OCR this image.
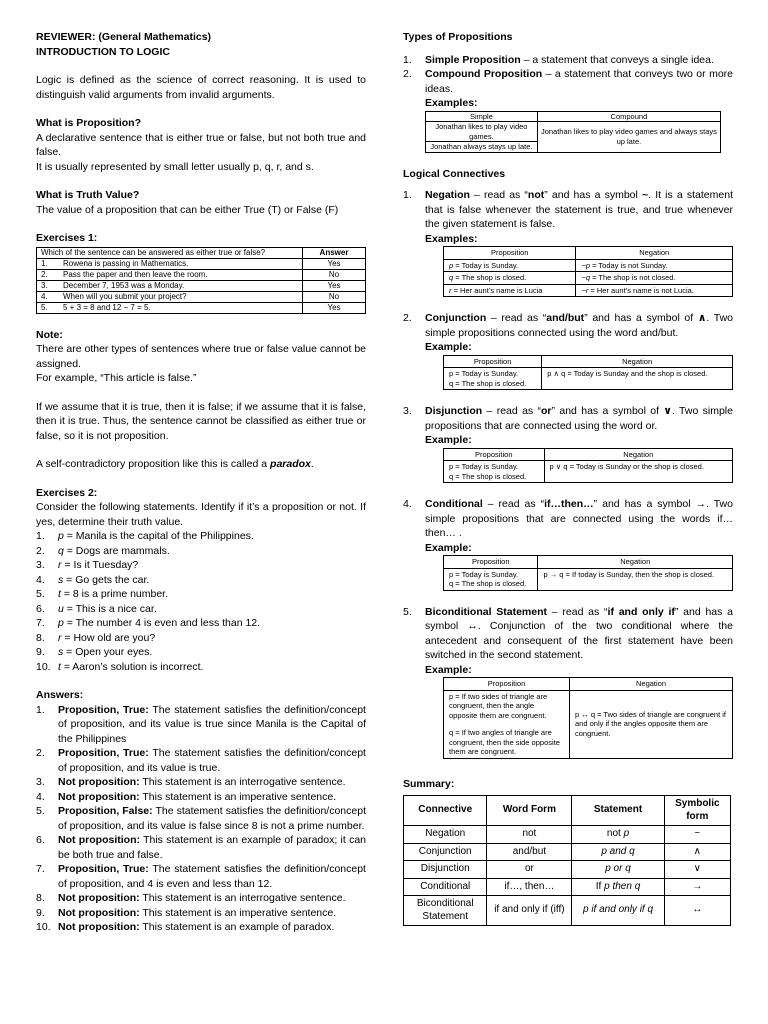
REVIEWER: (General Mathematics)

INTRODUCTION TO LOGIC

Logic is defined as the science of correct reasoning. It is used to distinguish valid arguments from invalid arguments.

What is Proposition?

A declarative sentence that is either true or false, but not both true and false.

It is usually represented by small letter usually p, q, r, and s.

What is Truth Value?

The value of a proposition that can be either True (T) or False (F)

Exercises 1:

Which of the sentence can be answered as either true or false?		Answer
1.	Rowena is passing in Mathematics.	Yes
2.	Pass the paper and then leave the room.	No
3.	December 7, 1953 was a Monday.	Yes
4.	When will you submit your project?	No
5.	5 + 3 = 8 and 12 − 7 = 5.	Yes

Note:

There are other types of sentences where true or false value cannot be assigned.

For example, “This article is false.”

If we assume that it is true, then it is false; if we assume that it is false, then it is true. Thus, the sentence cannot be classified as either true or false, so it is not proposition.

A self-contradictory proposition like this is called a paradox.

Exercises 2:

Consider the following statements. Identify if it’s a proposition or not. If yes, determine their truth value.

1.	p = Manila is the capital of the Philippines.
2.	q = Dogs are mammals.
3.	r = Is it Tuesday?
4.	s = Go gets the car.
5.	t = 8 is a prime number.
6.	u = This is a nice car.
7.	p = The number 4 is even and less than 12.
8.	r = How old are you?
9.	s = Open your eyes.
10. t = Aaron’s solution is incorrect.

Answers:

1.	Proposition, True: The statement satisfies the definition/concept of proposition, and its value is true since Manila is the Capital of the Philippines
2.	Proposition, True: The statement satisfies the definition/concept of proposition, and its value is true.
3.	Not proposition: This statement is an interrogative sentence.
4.	Not proposition: This statement is an imperative sentence.
5.	Proposition, False: The statement satisfies the definition/concept of proposition, and its value is false since 8 is not a prime number.
6.	Not proposition: This statement is an example of paradox; it can be both true and false.
7.	Proposition, True: The statement satisfies the definition/concept of proposition, and 4 is even and less than 12.
8.	Not proposition: This statement is an interrogative sentence.
9.	Not proposition: This statement is an imperative sentence.
10. Not proposition: This statement is an example of paradox.

Types of Propositions

1.	Simple Proposition – a statement that conveys a single idea.
2.	Compound Proposition – a statement that conveys two or more ideas.

Examples:

Simple	Compound
Jonathan likes to play video games.	Jonathan likes to play video games and always stays up late.
Jonathan always stays up late.	

Logical Connectives

1.	Negation – read as “not” and has a symbol ~. It is a statement that is false whenever the statement is true, and true whenever the given statement is false.

Examples:

Proposition	Negation
p = Today is Sunday.	~p = Today is not Sunday.
q = The shop is closed.	~q = The shop is not closed.
r = Her aunt’s name is Lucia	~r = Her aunt’s name is not Lucia.
2.	Conjunction – read as “and/but” and has a symbol of ∧. Two simple propositions connected using the word and/but.

Example:

Proposition	Negation

p = Today is Sunday.
q = The shop is closed.	p ∧ q = Today is Sunday and the shop is closed.
3.	Disjunction – read as “or” and has a symbol of ∨. Two simple propositions that are connected using the word or.

Example:

Proposition	Negation

p = Today is Sunday.
q = The shop is closed.	p ∨ q = Today is Sunday or the shop is closed.
4.	Conditional – read as “if…then…” and has a symbol →. Two simple propositions that are connected using the words if… then… .

Example:

Proposition	Negation

p = Today is Sunday.
q = The shop is closed.	p → q = If today is Sunday, then the shop is closed.
5.	Biconditional Statement – read as “if and only if” and has a symbol ↔. Conjunction of the two conditional where the antecedent and consequent of the first statement have been switched in the second statement.

Example:

Proposition	Negation

p = If two sides of triangle are congruent, then the angle opposite them are congruent.
q = If two angles of triangle are congruent, then the side opposite them are congruent.	p ↔ q = Two sides of triangle are congruent if and only if the angles opposite them are congruent.

Summary:

Connective	Word Form	Statement	Symbolic form
Negation	not	not p	~
Conjunction	and/but	p and q	∧
Disjunction	or	p or q	∨
Conditional	if…, then…	If p then q	→
Biconditional Statement	if and only if (iff)	p if and only if q	↔
